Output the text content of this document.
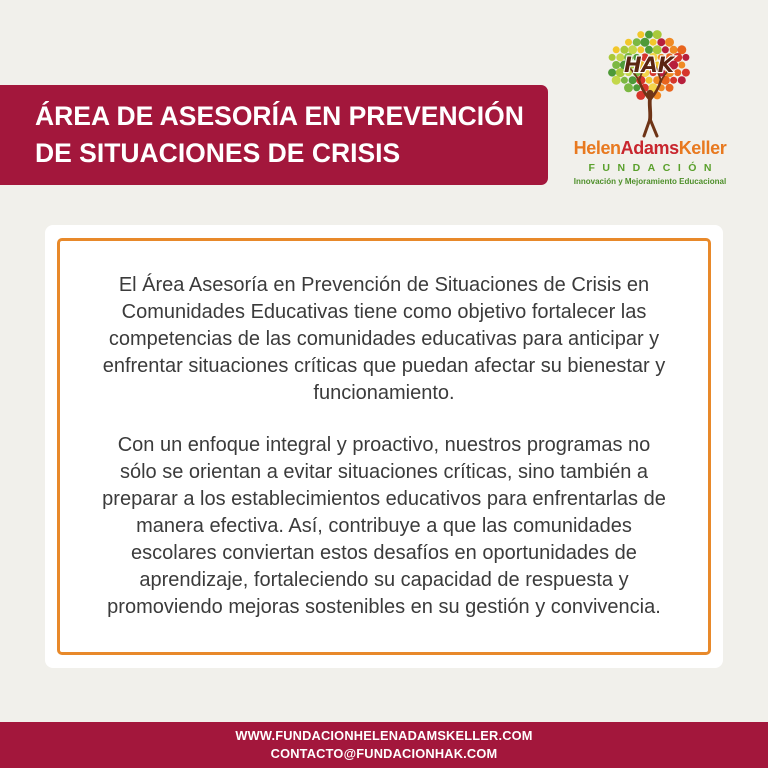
ÁREA DE ASESORÍA EN PREVENCIÓN
DE SITUACIONES DE CRISIS
HAK
HelenAdamsKeller
FUNDACIÓN
Innovación y Mejoramiento Educacional

El Área Asesoría en Prevención de Situaciones de Crisis en
Comunidades Educativas tiene como objetivo fortalecer las
competencias de las comunidades educativas para anticipar y
enfrentar situaciones críticas que puedan afectar su bienestar y
funcionamiento.

Con un enfoque integral y proactivo, nuestros programas no
sólo se orientan a evitar situaciones críticas, sino también a
preparar a los establecimientos educativos para enfrentarlas de
manera efectiva. Así, contribuye a que las comunidades
escolares conviertan estos desafíos en oportunidades de
aprendizaje, fortaleciendo su capacidad de respuesta y
promoviendo mejoras sostenibles en su gestión y convivencia.

WWW.FUNDACIONHELENADAMSKELLER.COM
CONTACTO@FUNDACIONHAK.COM
